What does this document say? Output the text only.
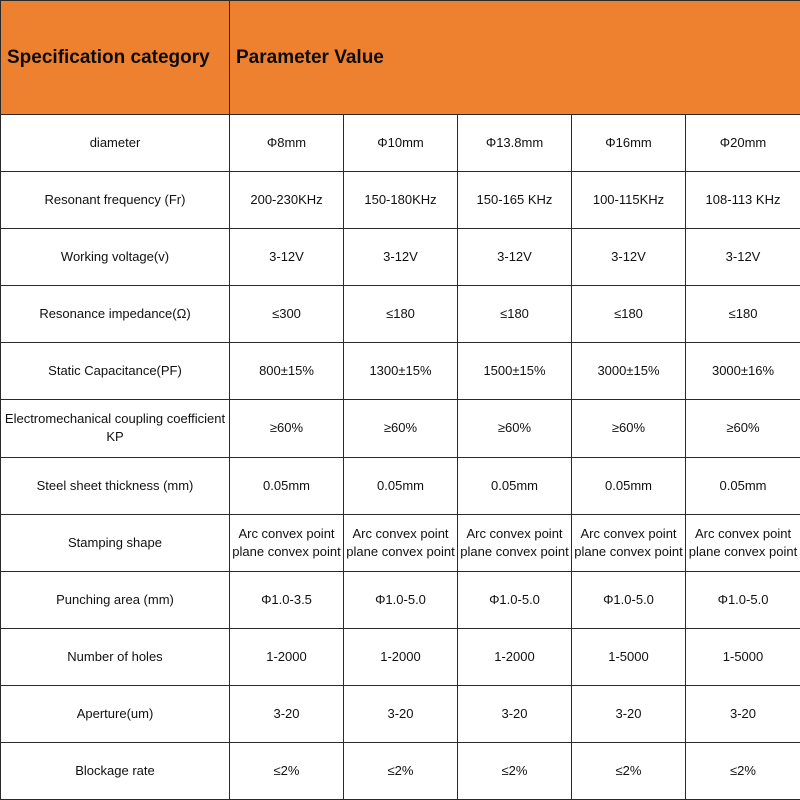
Specification category	Parameter Value				
diameter	Φ8mm	Φ10mm	Φ13.8mm	Φ16mm	Φ20mm
Resonant frequency (Fr)	200-230KHz	150-180KHz	150-165 KHz	100-115KHz	108-113 KHz
Working voltage(v)	3-12V	3-12V	3-12V	3-12V	3-12V
Resonance impedance(Ω)	≤300	≤180	≤180	≤180	≤180
Static Capacitance(PF)	800±15%	1300±15%	1500±15%	3000±15%	3000±16%
Electromechanical coupling coefficient KP	≥60%	≥60%	≥60%	≥60%	≥60%
Steel sheet thickness (mm)	0.05mm	0.05mm	0.05mm	0.05mm	0.05mm
Stamping shape	Arc convex point plane convex point	Arc convex point plane convex point	Arc convex point plane convex point	Arc convex point plane convex point	Arc convex point plane convex point
Punching area (mm)	Φ1.0-3.5	Φ1.0-5.0	Φ1.0-5.0	Φ1.0-5.0	Φ1.0-5.0
Number of holes	1-2000	1-2000	1-2000	1-5000	1-5000
Aperture(um)	3-20	3-20	3-20	3-20	3-20
Blockage rate	≤2%	≤2%	≤2%	≤2%	≤2%
